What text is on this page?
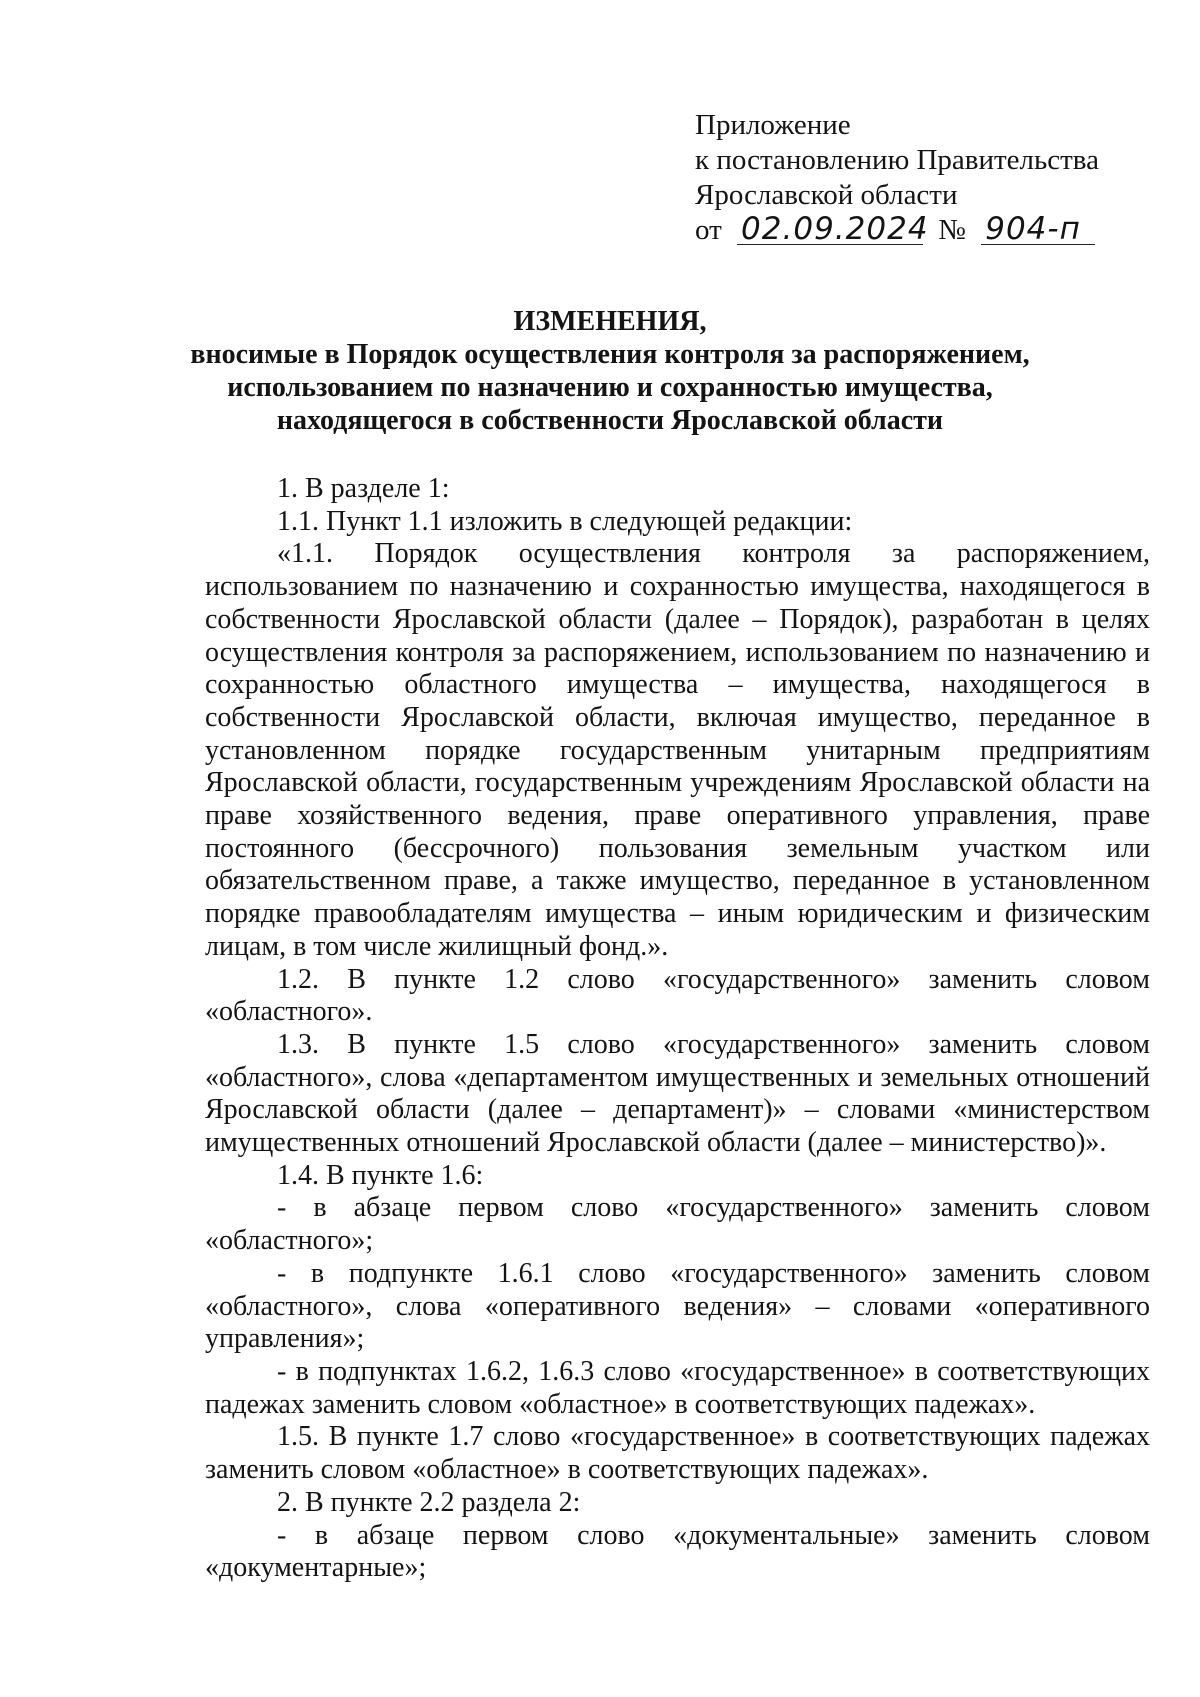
Приложение
к постановлению Правительства
Ярославской области
от 02.09.2024 № 904-п
ИЗМЕНЕНИЯ,
вносимые в Порядок осуществления контроля за распоряжением,
использованием по назначению и сохранностью имущества,
находящегося в собственности Ярославской области

1. В разделе 1:

1.1. Пункт 1.1 изложить в следующей редакции:

«1.1. Порядок осуществления контроля за распоряжением, использованием по назначению и сохранностью имущества, находящегося в собственности Ярославской области (далее – Порядок), разработан в целях осуществления контроля за распоряжением, использованием по назначению и сохранностью областного имущества – имущества, находящегося в собственности Ярославской области, включая имущество, переданное в установленном порядке государственным унитарным предприятиям Ярославской области, государственным учреждениям Ярославской области на праве хозяйственного ведения, праве оперативного управления, праве постоянного (бессрочного) пользования земельным участком или обязательственном праве, а также имущество, переданное в установленном порядке правообладателям имущества – иным юридическим и физическим лицам, в том числе жилищный фонд.».

1.2. В пункте 1.2 слово «государственного» заменить словом «областного».

1.3. В пункте 1.5 слово «государственного» заменить словом «областного», слова «департаментом имущественных и земельных отношений Ярославской области (далее – департамент)» – словами «министерством имущественных отношений Ярославской области (далее – министерство)».

1.4. В пункте 1.6:

- в абзаце первом слово «государственного» заменить словом «областного»;

- в подпункте 1.6.1 слово «государственного» заменить словом «областного», слова «оперативного ведения» – словами «оперативного управления»;

- в подпунктах 1.6.2, 1.6.3 слово «государственное» в соответствующих падежах заменить словом «областное» в соответствующих падежах».

1.5. В пункте 1.7 слово «государственное» в соответствующих падежах заменить словом «областное» в соответствующих падежах».

2. В пункте 2.2 раздела 2:

- в абзаце первом слово «документальные» заменить словом «документарные»;
